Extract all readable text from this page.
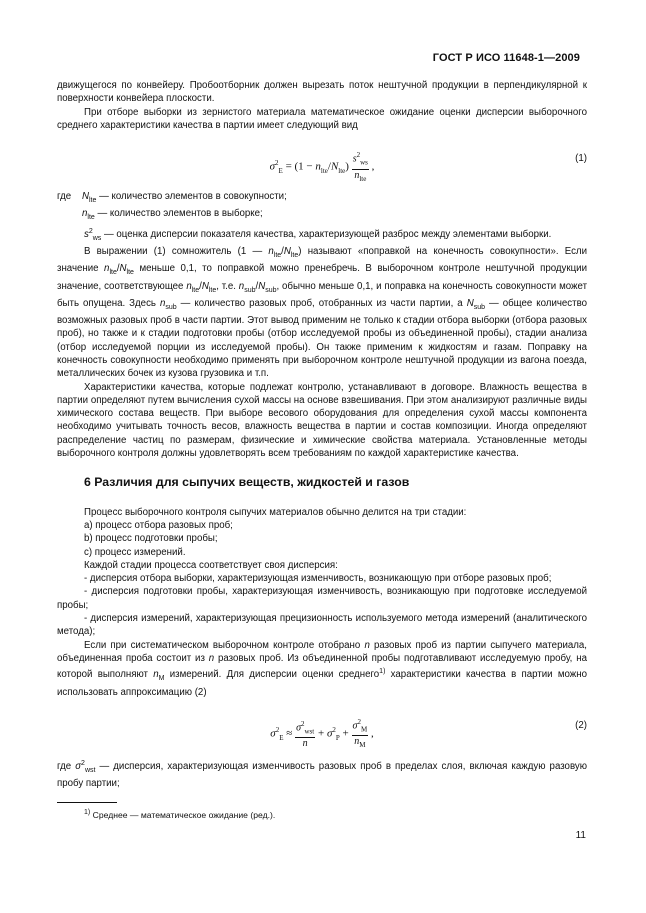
ГОСТ Р ИСО 11648-1—2009

движущегося по конвейеру. Пробоотборник должен вырезать поток нештучной продукции в перпендикулярной к поверхности конвейера плоскости.

При отборе выборки из зернистого материала математическое ожидание оценки дисперсии выборочного среднего характеристики качества в партии имеет следующий вид

$\sigma^2_E = (1 - n_{lte}/N_{lte}) \frac{s^2_{ws}}{n_{lte}}$ ,
(1)
где	$N_{lte}$ — количество элементов в совокупности;
$n_{lte}$ — количество элементов в выборке;

$s^2_{ws}$ — оценка дисперсии показателя качества, характеризующей разброс между элементами выборки.

В выражении (1) сомножитель (1 — $n_{lte}/N_{lte}$) называют «поправкой на конечность совокупности». Если значение $n_{lte}/N_{lte}$ меньше 0,1, то поправкой можно пренебречь. В выборочном контроле нештучной продукции значение, соответствующее $n_{lte}/N_{lte}$, т.е. $n_{sub}/N_{sub}$, обычно меньше 0,1, и поправка на конечность совокупности может быть опущена. Здесь $n_{sub}$ — количество разовых проб, отобранных из части партии, а $N_{sub}$ — общее количество возможных разовых проб в части партии. Этот вывод применим не только к стадии отбора выборки (отбора разовых проб), но также и к стадии подготовки пробы (отбор исследуемой пробы из объединенной пробы), стадии анализа (отбор исследуемой порции из исследуемой пробы). Он также применим к жидкостям и газам. Поправку на конечность совокупности необходимо применять при выборочном контроле нештучной продукции из вагона поезда, металлических бочек из кузова грузовика и т.п.

Характеристики качества, которые подлежат контролю, устанавливают в договоре. Влажность вещества в партии определяют путем вычисления сухой массы на основе взвешивания. При этом анализируют различные виды химического состава веществ. При выборе весового оборудования для определения сухой массы компонента необходимо учитывать точность весов, влажность вещества в партии и состав композиции. Иногда определяют распределение частиц по размерам, физические и химические свойства материала. Установленные методы выборочного контроля должны удовлетворять всем требованиям по каждой характеристике качества.

6 Различия для сыпучих веществ, жидкостей и газов

Процесс выборочного контроля сыпучих материалов обычно делится на три стадии:

a) процесс отбора разовых проб;

b) процесс подготовки пробы;

c) процесс измерений.

Каждой стадии процесса соответствует своя дисперсия:

- дисперсия отбора выборки, характеризующая изменчивость, возникающую при отборе разовых проб;

- дисперсия подготовки пробы, характеризующая изменчивость, возникающую при подготовке исследуемой пробы;

- дисперсия измерений, характеризующая прецизионность используемого метода измерений (аналитического метода);

Если при систематическом выборочном контроле отобрано n разовых проб из партии сыпучего материала, объединенная проба состоит из n разовых проб. Из объединенной пробы подготавливают исследуемую пробу, на которой выполняют $n_M$ измерений. Для дисперсии оценки среднего$^{1)}$ характеристики качества в партии можно использовать аппроксимацию (2)

$\sigma^2_E \approx \frac{\sigma^2_{wst}}{n} + \sigma^2_P + \frac{\sigma^2_M}{n_M}$ ,
(2)

где $\sigma^2_{wst}$ — дисперсия, характеризующая изменчивость разовых проб в пределах слоя, включая каждую разовую пробу партии;

$^{1)}$ Среднее — математическое ожидание (ред.).
11
